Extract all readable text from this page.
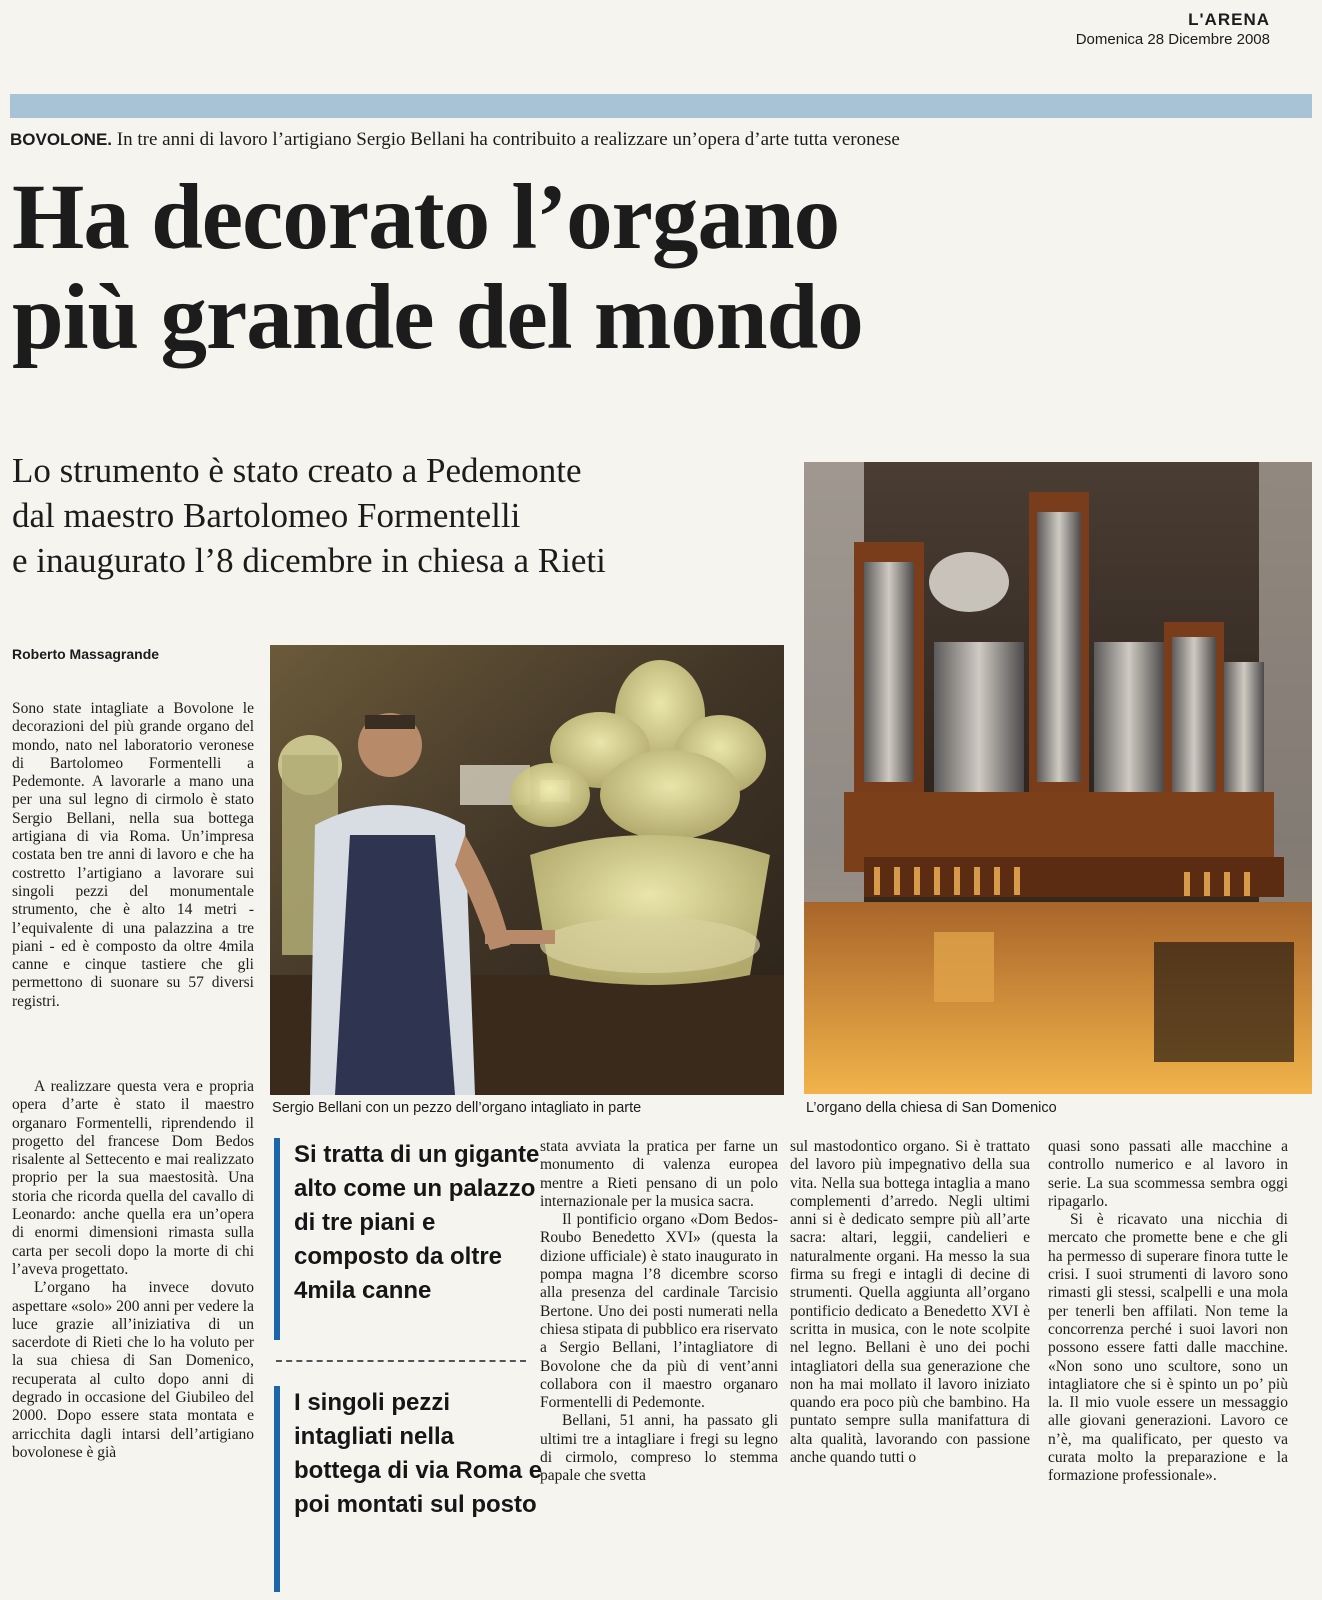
L'ARENA
Domenica 28 Dicembre 2008
BOVOLONE. In tre anni di lavoro l’artigiano Sergio Bellani ha contribuito a realizzare un’opera d’arte tutta veronese
Ha decorato l’organo
più grande del mondo
Lo strumento è stato creato a Pedemonte
dal maestro Bartolomeo Formentelli
e inaugurato l’8 dicembre in chiesa a Rieti
Roberto Massagrande

Sono state intagliate a Bovolone le decorazioni del più grande organo del mondo, nato nel laboratorio veronese di Bartolomeo Formentelli a Pedemonte. A lavorarle a mano una per una sul legno di cirmolo è stato Sergio Bellani, nella sua bottega artigiana di via Roma. Un’impresa costata ben tre anni di lavoro e che ha costretto l’artigiano a lavorare sui singoli pezzi del monumentale strumento, che è alto 14 metri - l’equivalente di una palazzina a tre piani - ed è composto da oltre 4mila canne e cinque tastiere che gli permettono di suonare su 57 diversi registri.

A realizzare questa vera e propria opera d’arte è stato il maestro organaro Formentelli, riprendendo il progetto del francese Dom Bedos risalente al Settecento e mai realizzato proprio per la sua maestosità. Una storia che ricorda quella del cavallo di Leonardo: anche quella era un’opera di enormi dimensioni rimasta sulla carta per secoli dopo la morte di chi l’aveva progettato.

L’organo ha invece dovuto aspettare «solo» 200 anni per vedere la luce grazie all’iniziativa di un sacerdote di Rieti che lo ha voluto per la sua chiesa di San Domenico, recuperata al culto dopo anni di degrado in occasione del Giubileo del 2000. Dopo essere stata montata e arricchita dagli intarsi dell’artigiano bovolonese è già

Sergio Bellani con un pezzo dell’organo intagliato in parte	L’organo della chiesa di San Domenico
Si tratta di un gigante alto come un palazzo di tre piani e composto da oltre 4mila canne
I singoli pezzi intagliati nella bottega di via Roma e poi montati sul posto

stata avviata la pratica per farne un monumento di valenza europea mentre a Rieti pensano di un polo internazionale per la musica sacra.

Il pontificio organo «Dom Bedos-Roubo Benedetto XVI» (questa la dizione ufficiale) è stato inaugurato in pompa magna l’8 dicembre scorso alla presenza del cardinale Tarcisio Bertone. Uno dei posti numerati nella chiesa stipata di pubblico era riservato a Sergio Bellani, l’intagliatore di Bovolone che da più di vent’anni collabora con il maestro organaro Formentelli di Pedemonte.

Bellani, 51 anni, ha passato gli ultimi tre a intagliare i fregi su legno di cirmolo, compreso lo stemma papale che svetta

sul mastodontico organo. Si è trattato del lavoro più impegnativo della sua vita. Nella sua bottega intaglia a mano complementi d’arredo. Negli ultimi anni si è dedicato sempre più all’arte sacra: altari, leggii, candelieri e naturalmente organi. Ha messo la sua firma su fregi e intagli di decine di strumenti. Quella aggiunta all’organo pontificio dedicato a Benedetto XVI è scritta in musica, con le note scolpite nel legno. Bellani è uno dei pochi intagliatori della sua generazione che non ha mai mollato il lavoro iniziato quando era poco più che bambino. Ha puntato sempre sulla manifattura di alta qualità, lavorando con passione anche quando tutti o

quasi sono passati alle macchine a controllo numerico e al lavoro in serie. La sua scommessa sembra oggi ripagarlo.

Si è ricavato una nicchia di mercato che promette bene e che gli ha permesso di superare finora tutte le crisi. I suoi strumenti di lavoro sono rimasti gli stessi, scalpelli e una mola per tenerli ben affilati. Non teme la concorrenza perché i suoi lavori non possono essere fatti dalle macchine. «Non sono uno scultore, sono un intagliatore che si è spinto un po’ più la. Il mio vuole essere un messaggio alle giovani generazioni. Lavoro ce n’è, ma qualificato, per questo va curata molto la preparazione e la formazione professionale».
